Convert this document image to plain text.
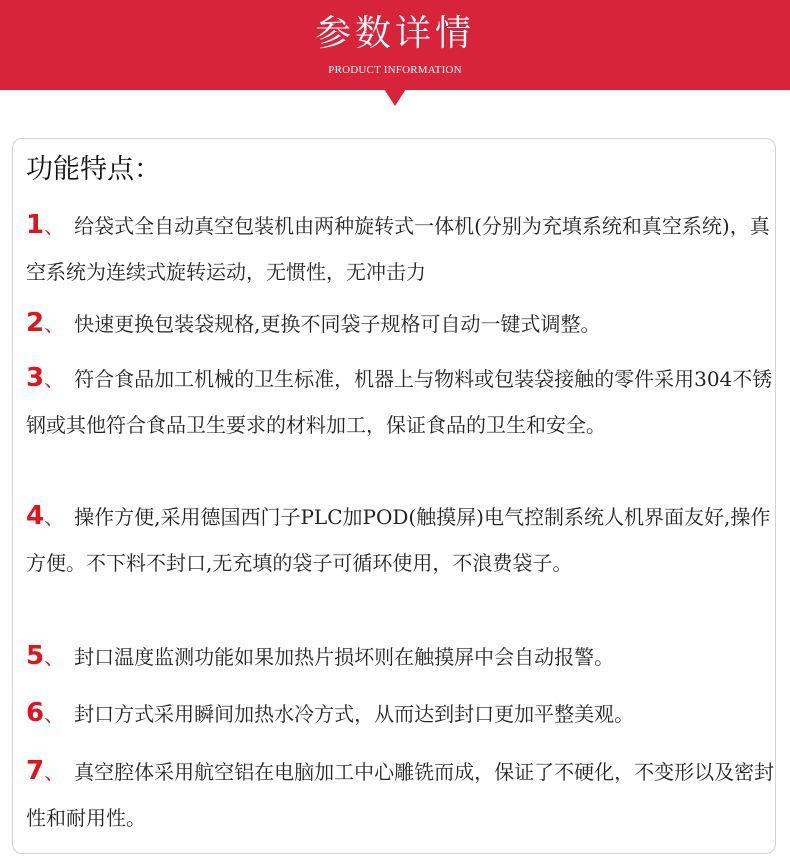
参数详情
PRODUCT INFORMATION
功能特点：
1、 给袋式全自动真空包装机由两种旋转式一体机(分别为充填系统和真空系统)，真空系统为连续式旋转运动，无惯性，无冲击力
2、 快速更换包装袋规格,更换不同袋子规格可自动一键式调整。
3、 符合食品加工机械的卫生标准，机器上与物料或包装袋接触的零件采用304不锈钢或其他符合食品卫生要求的材料加工，保证食品的卫生和安全。
4、 操作方便,采用德国西门子PLC加POD(触摸屏)电气控制系统人机界面友好,操作方便。不下料不封口,无充填的袋子可循环使用，不浪费袋子。
5、 封口温度监测功能如果加热片损坏则在触摸屏中会自动报警。
6、 封口方式采用瞬间加热水冷方式，从而达到封口更加平整美观。
7、 真空腔体采用航空铝在电脑加工中心雕铣而成，保证了不硬化，不变形以及密封性和耐用性。
